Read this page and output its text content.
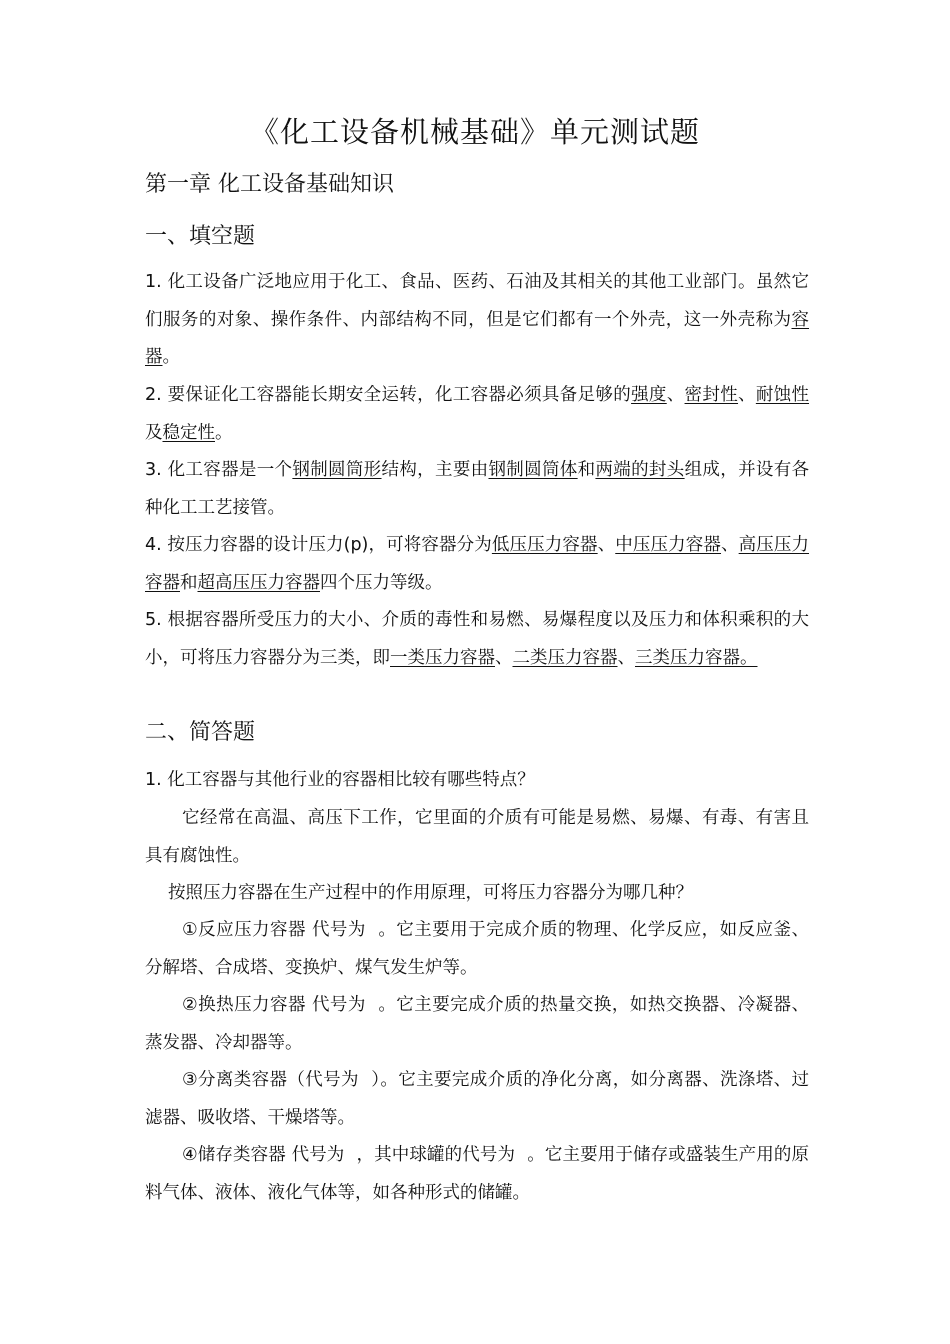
《化工设备机械基础》单元测试题
第一章 化工设备基础知识
一、填空题
1. 化工设备广泛地应用于化工、食品、医药、石油及其相关的其他工业部门。虽然它们服务的对象、操作条件、内部结构不同，但是它们都有一个外壳，这一外壳称为容器。
2. 要保证化工容器能长期安全运转，化工容器必须具备足够的强度、密封性、耐蚀性及稳定性。
3. 化工容器是一个钢制圆筒形结构，主要由钢制圆筒体和两端的封头组成，并设有各种化工工艺接管。
4. 按压力容器的设计压力(p)，可将容器分为低压压力容器、中压压力容器、高压压力容器和超高压压力容器四个压力等级。
5. 根据容器所受压力的大小、介质的毒性和易燃、易爆程度以及压力和体积乘积的大小，可将压力容器分为三类，即一类压力容器、二类压力容器、三类压力容器。
二、简答题
1. 化工容器与其他行业的容器相比较有哪些特点？
它经常在高温、高压下工作，它里面的介质有可能是易燃、易爆、有毒、有害且具有腐蚀性。
按照压力容器在生产过程中的作用原理，可将压力容器分为哪几种？
①反应压力容器 代号为 。它主要用于完成介质的物理、化学反应，如反应釜、分解塔、合成塔、变换炉、煤气发生炉等。
②换热压力容器 代号为 。它主要完成介质的热量交换，如热交换器、冷凝器、蒸发器、冷却器等。
③分离类容器（代号为 ）。它主要完成介质的净化分离，如分离器、洗涤塔、过滤器、吸收塔、干燥塔等。
④储存类容器 代号为 ，其中球罐的代号为 。它主要用于储存或盛装生产用的原料气体、液体、液化气体等，如各种形式的储罐。
